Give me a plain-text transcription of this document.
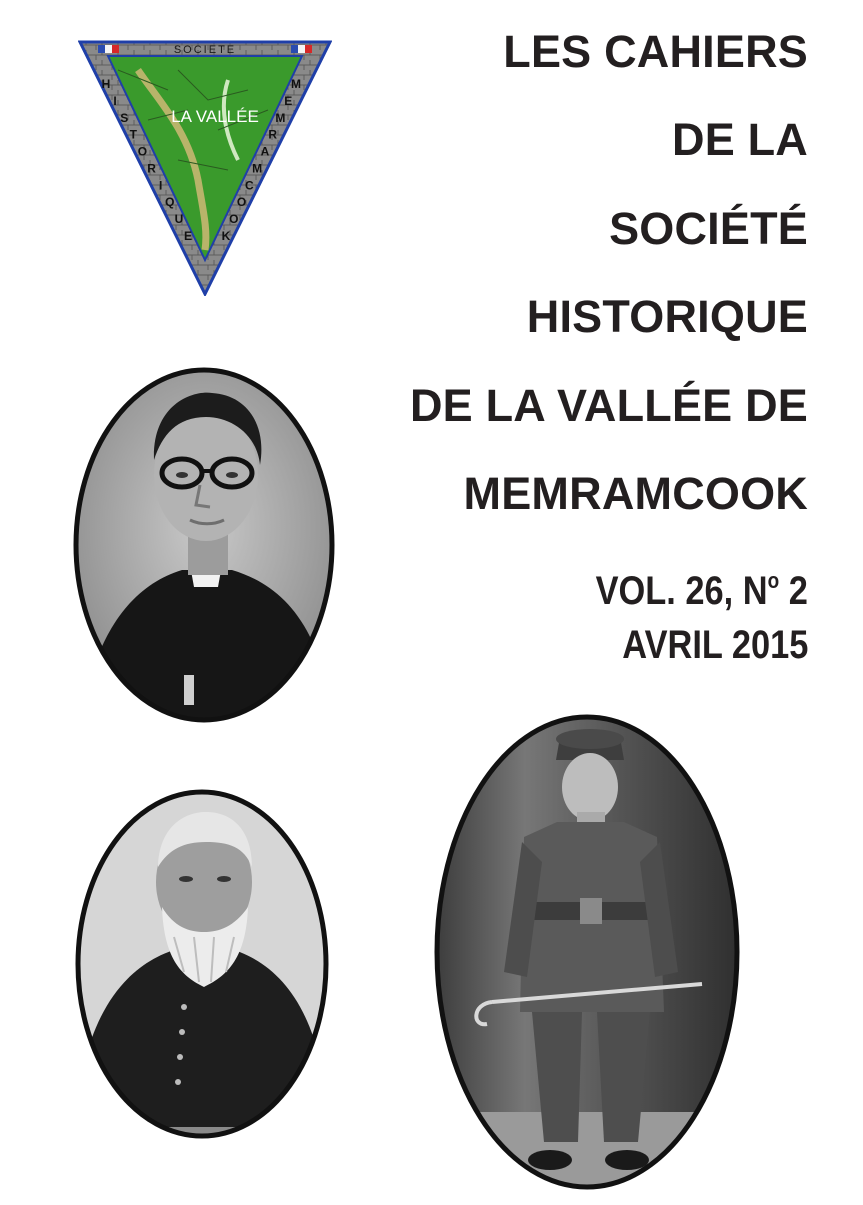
SOCIETE
LA VALLÉE
H
I
S
T
O
R
I
Q
U
E
M
E
M
R
A
M
C
O
O
K
LES CAHIERS
DE LA
SOCIÉTÉ
HISTORIQUE
DE LA VALLÉE DE
MEMRAMCOOK
VOL. 26, $N^o$ 2
AVRIL 2015
